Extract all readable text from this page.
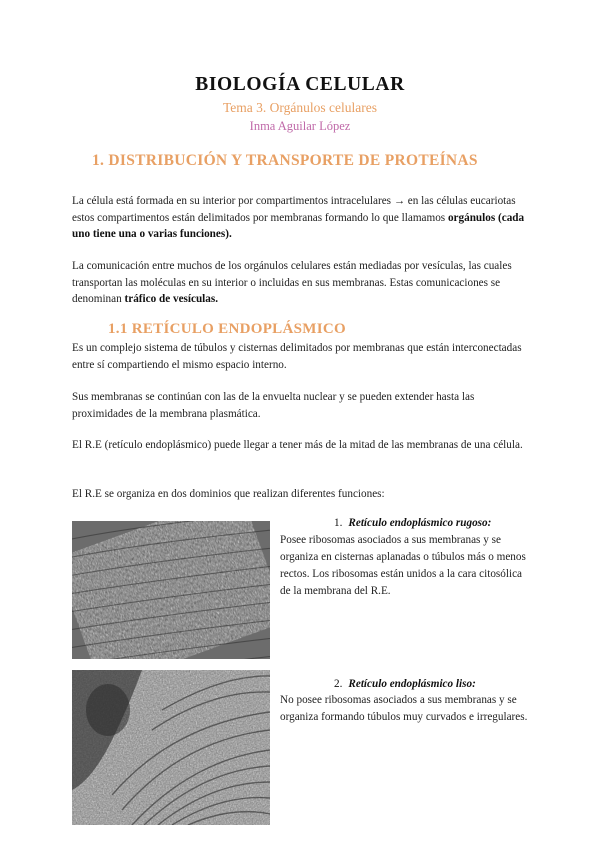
BIOLOGÍA CELULAR
Tema 3. Orgánulos celulares
Inma Aguilar López
1. DISTRIBUCIÓN Y TRANSPORTE DE PROTEÍNAS
La célula está formada en su interior por compartimentos intracelulares → en las células eucariotas estos compartimentos están delimitados por membranas formando lo que llamamos orgánulos (cada uno tiene una o varias funciones).
La comunicación entre muchos de los orgánulos celulares están mediadas por vesículas, las cuales transportan las moléculas en su interior o incluidas en sus membranas. Estas comunicaciones se denominan tráfico de vesículas.
1.1 RETÍCULO ENDOPLÁSMICO
Es un complejo sistema de túbulos y cisternas delimitados por membranas que están interconectadas entre sí compartiendo el mismo espacio interno.
Sus membranas se continúan con las de la envuelta nuclear y se pueden extender hasta las proximidades de la membrana plasmática.
El R.E (retículo endoplásmico) puede llegar a tener más de la mitad de las membranas de una célula.
El R.E se organiza en dos dominios que realizan diferentes funciones:
1. Retículo endoplásmico rugoso:
Posee ribosomas asociados a sus membranas y se organiza en cisternas aplanadas o túbulos más o menos rectos. Los ribosomas están unidos a la cara citosólica de la membrana del R.E.
2. Retículo endoplásmico liso:
No posee ribosomas asociados a sus membranas y se organiza formando túbulos muy curvados e irregulares.
